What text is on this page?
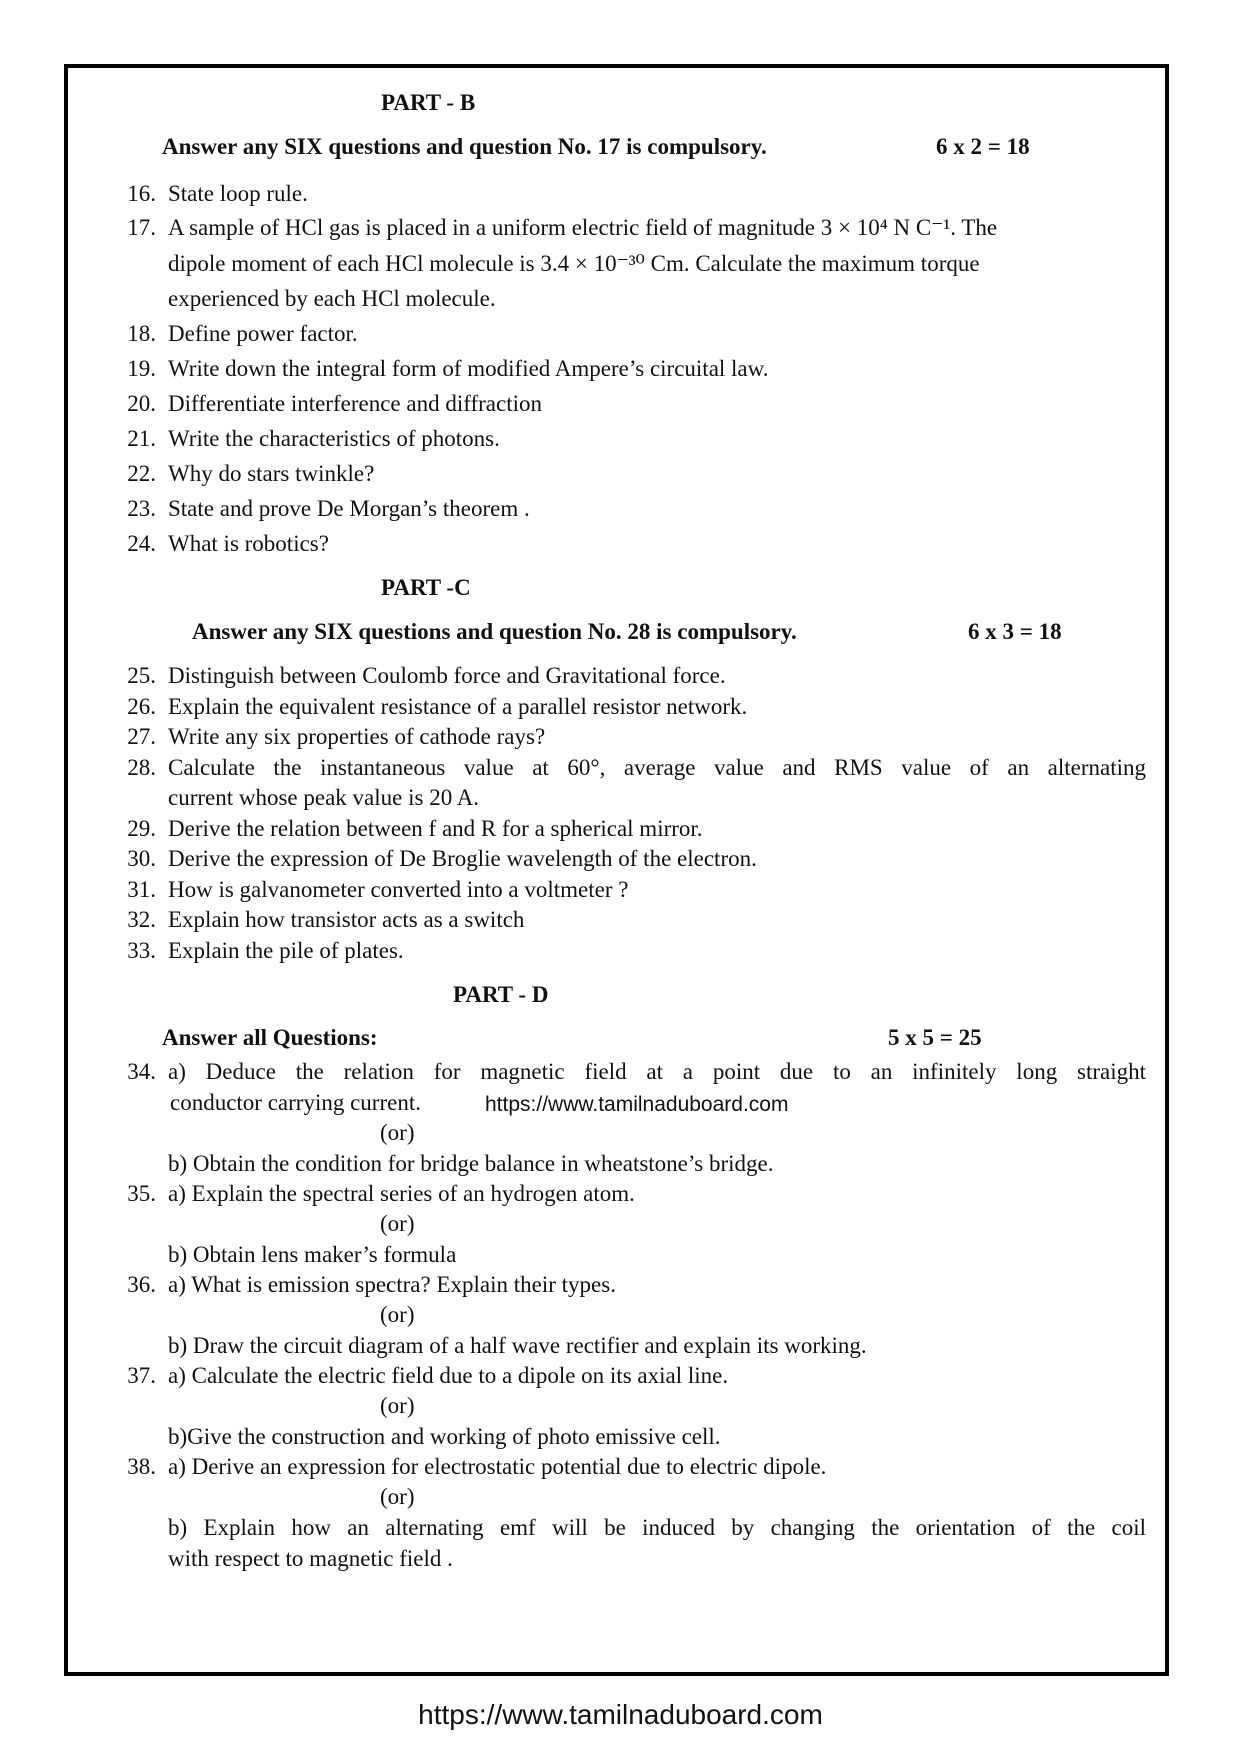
PART - B

Answer any SIX questions and question No. 17 is compulsory.	6 x 2 = 18

16. State loop rule.

17. A sample of HCl gas is placed in a uniform electric field of magnitude 3 × 10⁴ N C⁻¹. The

dipole moment of each HCl molecule is 3.4 × 10⁻³⁰ Cm. Calculate the maximum torque

experienced by each HCl molecule.

18. Define power factor.

19. Write down the integral form of modified Ampere’s circuital law.

20. Differentiate interference and diffraction

21. Write the characteristics of photons.

22. Why do stars twinkle?

23. State and prove De Morgan’s theorem .

24. What is robotics?

PART -C

Answer any SIX questions and question No. 28 is compulsory.	6 x 3 = 18

25. Distinguish between Coulomb force and Gravitational force.

26. Explain the equivalent resistance of a parallel resistor network.

27. Write any six properties of cathode rays?

28. Calculate the instantaneous value at 60°, average value and RMS value of an alternating

current whose peak value is 20 A.

29. Derive the relation between f and R for a spherical mirror.

30. Derive the expression of De Broglie wavelength of the electron.

31. How is galvanometer converted into a voltmeter ?

32. Explain how transistor acts as a switch

33. Explain the pile of plates.

PART - D

Answer all Questions:	5 x 5 = 25

34. a) Deduce the relation for magnetic field at a point due to an infinitely long straight

conductor carrying current.	https://www.tamilnaduboard.com

(or)

b) Obtain the condition for bridge balance in wheatstone’s bridge.

35. a) Explain the spectral series of an hydrogen atom.

(or)

b) Obtain lens maker’s formula

36. a) What is emission spectra? Explain their types.

(or)

b) Draw the circuit diagram of a half wave rectifier and explain its working.

37. a) Calculate the electric field due to a dipole on its axial line.

(or)

b)Give the construction and working of photo emissive cell.

38. a) Derive an expression for electrostatic potential due to electric dipole.

(or)

b) Explain how an alternating emf will be induced by changing the orientation of the coil

with respect to magnetic field .

https://www.tamilnaduboard.com
